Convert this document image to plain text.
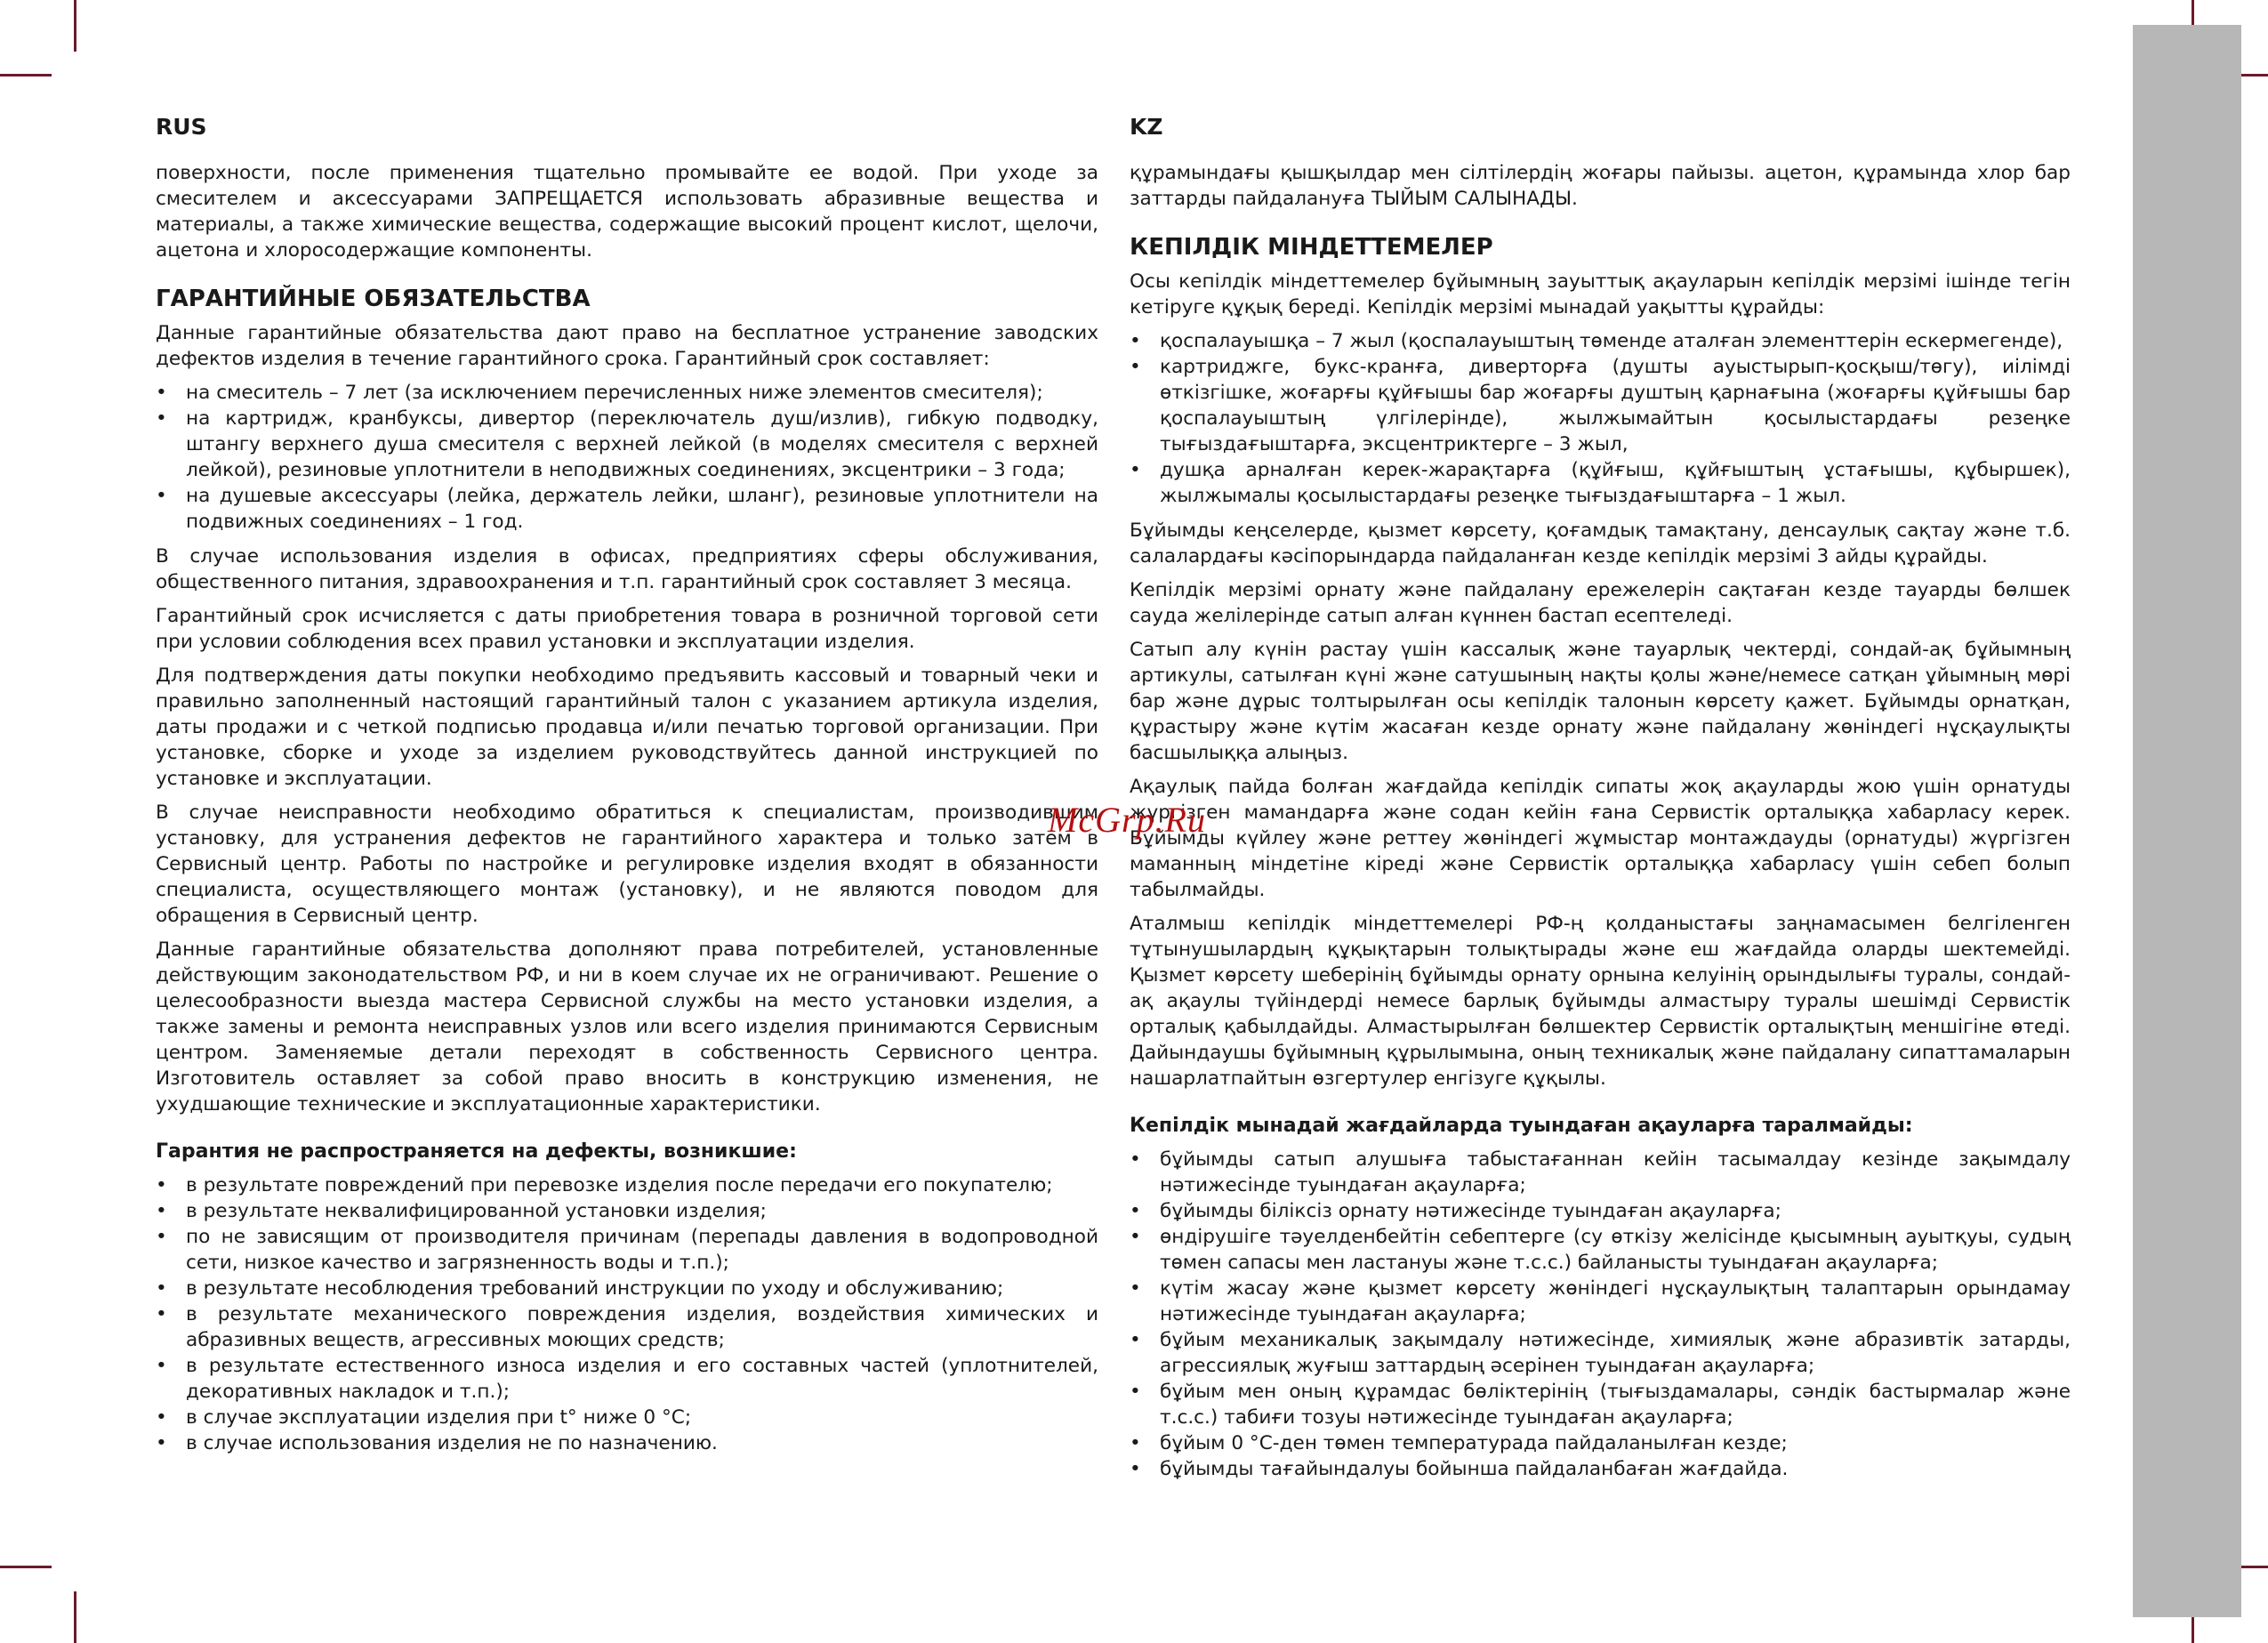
RUS

поверхности, после применения тщательно промывайте ее водой. При уходе за смесителем и аксессуарами ЗАПРЕЩАЕТСЯ использовать абразивные вещества и материалы, а также химические вещества, содержащие высокий процент кислот, щелочи, ацетона и хлоросодержащие компоненты.

ГАРАНТИЙНЫЕ ОБЯЗАТЕЛЬСТВА

Данные гарантийные обязательства дают право на бесплатное устранение заводских дефектов изделия в течение гарантийного срока. Гарантийный срок составляет:

• на смеситель – 7 лет (за исключением перечисленных ниже элементов смесителя);
• на картридж, кранбуксы, дивертор (переключатель душ/излив), гибкую подводку, штангу верхнего душа смесителя с верхней лейкой (в моделях смесителя с верхней лейкой), резиновые уплотнители в неподвижных соединениях, эксцентрики – 3 года;
• на душевые аксессуары (лейка, держатель лейки, шланг), резиновые уплотнители на подвижных соединениях – 1 год.

В случае использования изделия в офисах, предприятиях сферы обслуживания, общественного питания, здравоохранения и т.п. гарантийный срок составляет 3 месяца.

Гарантийный срок исчисляется с даты приобретения товара в розничной торговой сети при условии соблюдения всех правил установки и эксплуатации изделия.

Для подтверждения даты покупки необходимо предъявить кассовый и товарный чеки и правильно заполненный настоящий гарантийный талон с указанием артикула изделия, даты продажи и с четкой подписью продавца и/или печатью торговой организации. При установке, сборке и уходе за изделием руководствуйтесь данной инструкцией по установке и эксплуатации.

В случае неисправности необходимо обратиться к специалистам, производившим установку, для устранения дефектов не гарантийного характера и только затем в Сервисный центр. Работы по настройке и регулировке изделия входят в обязанности специалиста, осуществляющего монтаж (установку), и не являются поводом для обращения в Сервисный центр.

Данные гарантийные обязательства дополняют права потребителей, установленные действующим законодательством РФ, и ни в коем случае их не ограничивают. Решение о целесообразности выезда мастера Сервисной службы на место установки изделия, а также замены и ремонта неисправных узлов или всего изделия принимаются Сервисным центром. Заменяемые детали переходят в собственность Сервисного центра. Изготовитель оставляет за собой право вносить в конструкцию изменения, не ухудшающие технические и эксплуатационные характеристики.

Гарантия не распространяется на дефекты, возникшие:
• в результате повреждений при перевозке изделия после передачи его покупателю;
• в результате неквалифицированной установки изделия;
• по не зависящим от производителя причинам (перепады давления в водопроводной сети, низкое качество и загрязненность воды и т.п.);
• в результате несоблюдения требований инструкции по уходу и обслуживанию;
• в результате механического повреждения изделия, воздействия химических и абразивных веществ, агрессивных моющих средств;
• в результате естественного износа изделия и его составных частей (уплотнителей, декоративных накладок и т.п.);
• в случае эксплуатации изделия при t° ниже 0 °С;
• в случае использования изделия не по назначению.
KZ

құрамындағы қышқылдар мен сілтілердің жоғары пайызы. ацетон, құрамында хлор бар заттарды пайдалануға ТЫЙЫМ САЛЫНАДЫ.

КЕПІЛДІК МІНДЕТТЕМЕЛЕР

Осы кепілдік міндеттемелер бұйымның зауыттық ақауларын кепілдік мерзімі ішінде тегін кетіруге құқық береді. Кепілдік мерзімі мынадай уақытты құрайды:

• қоспалауышқа – 7 жыл (қоспалауыштың төменде аталған элементтерін ескермегенде),
• картриджге, букс-кранға, диверторға (душты ауыстырып-қосқыш/төгу), иілімді өткізгішке, жоғарғы құйғышы бар жоғарғы душтың қарнағына (жоғарғы құйғышы бар қоспалауыштың үлгілерінде), жылжымайтын қосылыстардағы резеңке тығыздағыштарға, эксцентриктерге – 3 жыл,
• душқа арналған керек-жарақтарға (құйғыш, құйғыштың ұстағышы, құбыршек), жылжымалы қосылыстардағы резеңке тығыздағыштарға – 1 жыл.

Бұйымды кеңселерде, қызмет көрсету, қоғамдық тамақтану, денсаулық сақтау және т.б. салалардағы кәсіпорындарда пайдаланған кезде кепілдік мерзімі 3 айды құрайды.

Кепілдік мерзімі орнату және пайдалану ережелерін сақтаған кезде тауарды бөлшек сауда желілерінде сатып алған күннен бастап есептеледі.

Сатып алу күнін растау үшін кассалық және тауарлық чектерді, сондай-ақ бұйымның артикулы, сатылған күні және сатушының нақты қолы және/немесе сатқан ұйымның мөрі бар және дұрыс толтырылған осы кепілдік талонын көрсету қажет. Бұйымды орнатқан, құрастыру және күтім жасаған кезде орнату және пайдалану жөніндегі нұсқаулықты басшылыққа алыңыз.

Ақаулық пайда болған жағдайда кепілдік сипаты жоқ ақауларды жою үшін орнатуды жүргізген мамандарға және содан кейін ғана Сервистік орталыққа хабарласу керек. Бұйымды күйлеу және реттеу жөніндегі жұмыстар монтаждауды (орнатуды) жүргізген маманның міндетіне кіреді және Сервистік орталыққа хабарласу үшін себеп болып табылмайды.

Аталмыш кепілдік міндеттемелері РФ-ң қолданыстағы заңнамасымен белгіленген тұтынушылардың құқықтарын толықтырады және еш жағдайда оларды шектемейді. Қызмет көрсету шеберінің бұйымды орнату орнына келуінің орындылығы туралы, сондай-ақ ақаулы түйіндерді немесе барлық бұйымды алмастыру туралы шешімді Сервистік орталық қабылдайды. Алмастырылған бөлшектер Сервистік орталықтың меншігіне өтеді. Дайындаушы бұйымның құрылымына, оның техникалық және пайдалану сипаттамаларын нашарлатпайтын өзгертулер енгізуге құқылы.

Кепілдік мынадай жағдайларда туындаған ақауларға таралмайды:
• бұйымды сатып алушыға табыстағаннан кейін тасымалдау кезінде зақымдалу нәтижесінде туындаған ақауларға;
• бұйымды біліксіз орнату нәтижесінде туындаған ақауларға;
• өндірушіге тәуелденбейтін себептерге (су өткізу желісінде қысымның ауытқуы, судың төмен сапасы мен ластануы және т.с.с.) байланысты туындаған ақауларға;
• күтім жасау және қызмет көрсету жөніндегі нұсқаулықтың талаптарын орындамау нәтижесінде туындаған ақауларға;
• бұйым механикалық зақымдалу нәтижесінде, химиялық және абразивтік затарды, агрессиялық жуғыш заттардың әсерінен туындаған ақауларға;
• бұйым мен оның құрамдас бөліктерінің (тығыздамалары, сәндік бастырмалар және т.с.с.) табиғи тозуы нәтижесінде туындаған ақауларға;
• бұйым 0 °С-ден төмен температурада пайдаланылған кезде;
• бұйымды тағайындалуы бойынша пайдаланбаған жағдайда.
McGrp.Ru
